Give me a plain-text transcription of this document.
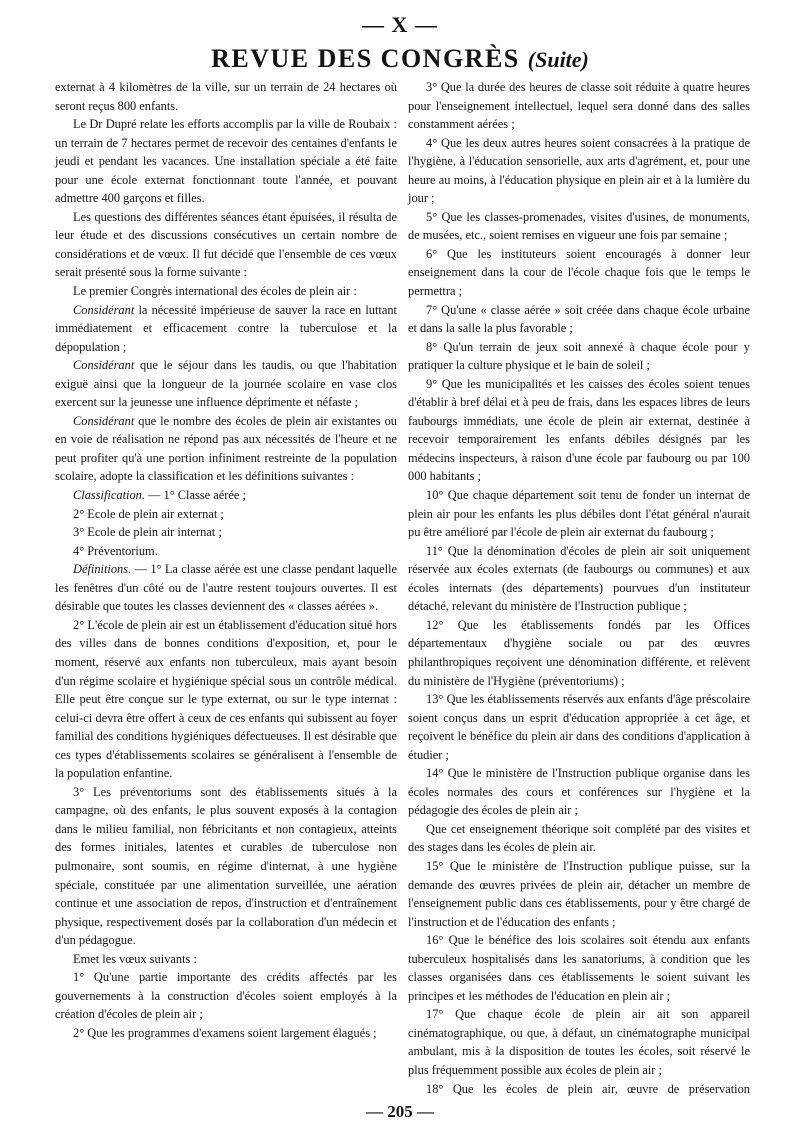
— X —
REVUE DES CONGRÈS (Suite)

externat à 4 kilomètres de la ville, sur un terrain de 24 hectares où seront reçus 800 enfants.

Le Dr Dupré relate les efforts accomplis par la ville de Roubaix : un terrain de 7 hectares permet de recevoir des centaines d'enfants le jeudi et pendant les vacances. Une installation spéciale a été faite pour une école externat fonctionnant toute l'année, et pouvant admettre 400 garçons et filles.

Les questions des différentes séances étant épuisées, il résulta de leur étude et des discussions consécutives un certain nombre de considérations et de vœux. Il fut décidé que l'ensemble de ces vœux serait présenté sous la forme suivante :

Le premier Congrès international des écoles de plein air :

Considérant la nécessité impérieuse de sauver la race en luttant immédiatement et efficacement contre la tuberculose et la dépopulation ;

Considérant que le séjour dans les taudis, ou que l'habitation exiguë ainsi que la longueur de la journée scolaire en vase clos exercent sur la jeunesse une influence déprimente et néfaste ;

Considérant que le nombre des écoles de plein air existantes ou en voie de réalisation ne répond pas aux nécessités de l'heure et ne peut profiter qu'à une portion infiniment restreinte de la population scolaire, adopte la classification et les définitions suivantes :

Classification. — 1° Classe aérée ;

2° Ecole de plein air externat ;

3° Ecole de plein air internat ;

4° Préventorium.

Définitions. — 1° La classe aérée est une classe pendant laquelle les fenêtres d'un côté ou de l'autre restent toujours ouvertes. Il est désirable que toutes les classes deviennent des « classes aérées ».

2° L'école de plein air est un établissement d'éducation situé hors des villes dans de bonnes conditions d'exposition, et, pour le moment, réservé aux enfants non tuberculeux, mais ayant besoin d'un régime scolaire et hygiénique spécial sous un contrôle médical. Elle peut être conçue sur le type externat, ou sur le type internat : celui-ci devra être offert à ceux de ces enfants qui subissent au foyer familial des conditions hygiéniques défectueuses. Il est désirable que ces types d'établissements scolaires se généralisent à l'ensemble de la population enfantine.

3° Les préventoriums sont des établissements situés à la campagne, où des enfants, le plus souvent exposés à la contagion dans le milieu familial, non fébricitants et non contagieux, atteints des formes initiales, latentes et curables de tuberculose non pulmonaire, sont soumis, en régime d'internat, à une hygiène spéciale, constituée par une alimentation surveillée, une aération continue et une association de repos, d'instruction et d'entraînement physique, respectivement dosés par la collaboration d'un médecin et d'un pédagogue.

Emet les vœux suivants :

1° Qu'une partie importante des crédits affectés par les gouvernements à la construction d'écoles soient employés à la création d'écoles de plein air ;

2° Que les programmes d'examens soient largement élagués ;

3° Que la durée des heures de classe soit réduite à quatre heures pour l'enseignement intellectuel, lequel sera donné dans des salles constamment aérées ;

4° Que les deux autres heures soient consacrées à la pratique de l'hygiène, à l'éducation sensorielle, aux arts d'agrément, et, pour une heure au moins, à l'éducation physique en plein air et à la lumière du jour ;

5° Que les classes-promenades, visites d'usines, de monuments, de musées, etc., soient remises en vigueur une fois par semaine ;

6° Que les instituteurs soient encouragés à donner leur enseignement dans la cour de l'école chaque fois que le temps le permettra ;

7° Qu'une « classe aérée » soit créée dans chaque école urbaine et dans la salle la plus favorable ;

8° Qu'un terrain de jeux soit annexé à chaque école pour y pratiquer la culture physique et le bain de soleil ;

9° Que les municipalités et les caisses des écoles soient tenues d'établir à bref délai et à peu de frais, dans les espaces libres de leurs faubourgs immédiats, une école de plein air externat, destinée à recevoir temporairement les enfants débiles désignés par les médecins inspecteurs, à raison d'une école par faubourg ou par 100 000 habitants ;

10° Que chaque département soit tenu de fonder un internat de plein air pour les enfants les plus débiles dont l'état général n'aurait pu être amélioré par l'école de plein air externat du faubourg ;

11° Que la dénomination d'écoles de plein air soit uniquement réservée aux écoles externats (de faubourgs ou communes) et aux écoles internats (des départements) pourvues d'un instituteur détaché, relevant du ministère de l'Instruction publique ;

12° Que les établissements fondés par les Offices départementaux d'hygiène sociale ou par des œuvres philanthropiques reçoivent une dénomination différente, et relèvent du ministère de l'Hygiène (préventoriums) ;

13° Que les établissements réservés aux enfants d'âge préscolaire soient conçus dans un esprit d'éducation appropriée à cet âge, et reçoivent le bénéfice du plein air dans des conditions d'application à étudier ;

14° Que le ministère de l'Instruction publique organise dans les écoles normales des cours et conférences sur l'hygiène et la pédagogie des écoles de plein air ;

Que cet enseignement théorique soit complété par des visites et des stages dans les écoles de plein air.

15° Que le ministère de l'Instruction publique puisse, sur la demande des œuvres privées de plein air, détacher un membre de l'enseignement public dans ces établissements, pour y être chargé de l'instruction et de l'éducation des enfants ;

16° Que le bénéfice des lois scolaires soit étendu aux enfants tuberculeux hospitalisés dans les sanatoriums, à condition que les classes organisées dans ces établissements le soient suivant les principes et les méthodes de l'éducation en plein air ;

17° Que chaque école de plein air ait son appareil cinématographique, ou que, à défaut, un cinématographe municipal ambulant, mis à la disposition de toutes les écoles, soit réservé le plus fréquemment possible aux écoles de plein air ;

18° Que les écoles de plein air, œuvre de préservation

— 205 —
